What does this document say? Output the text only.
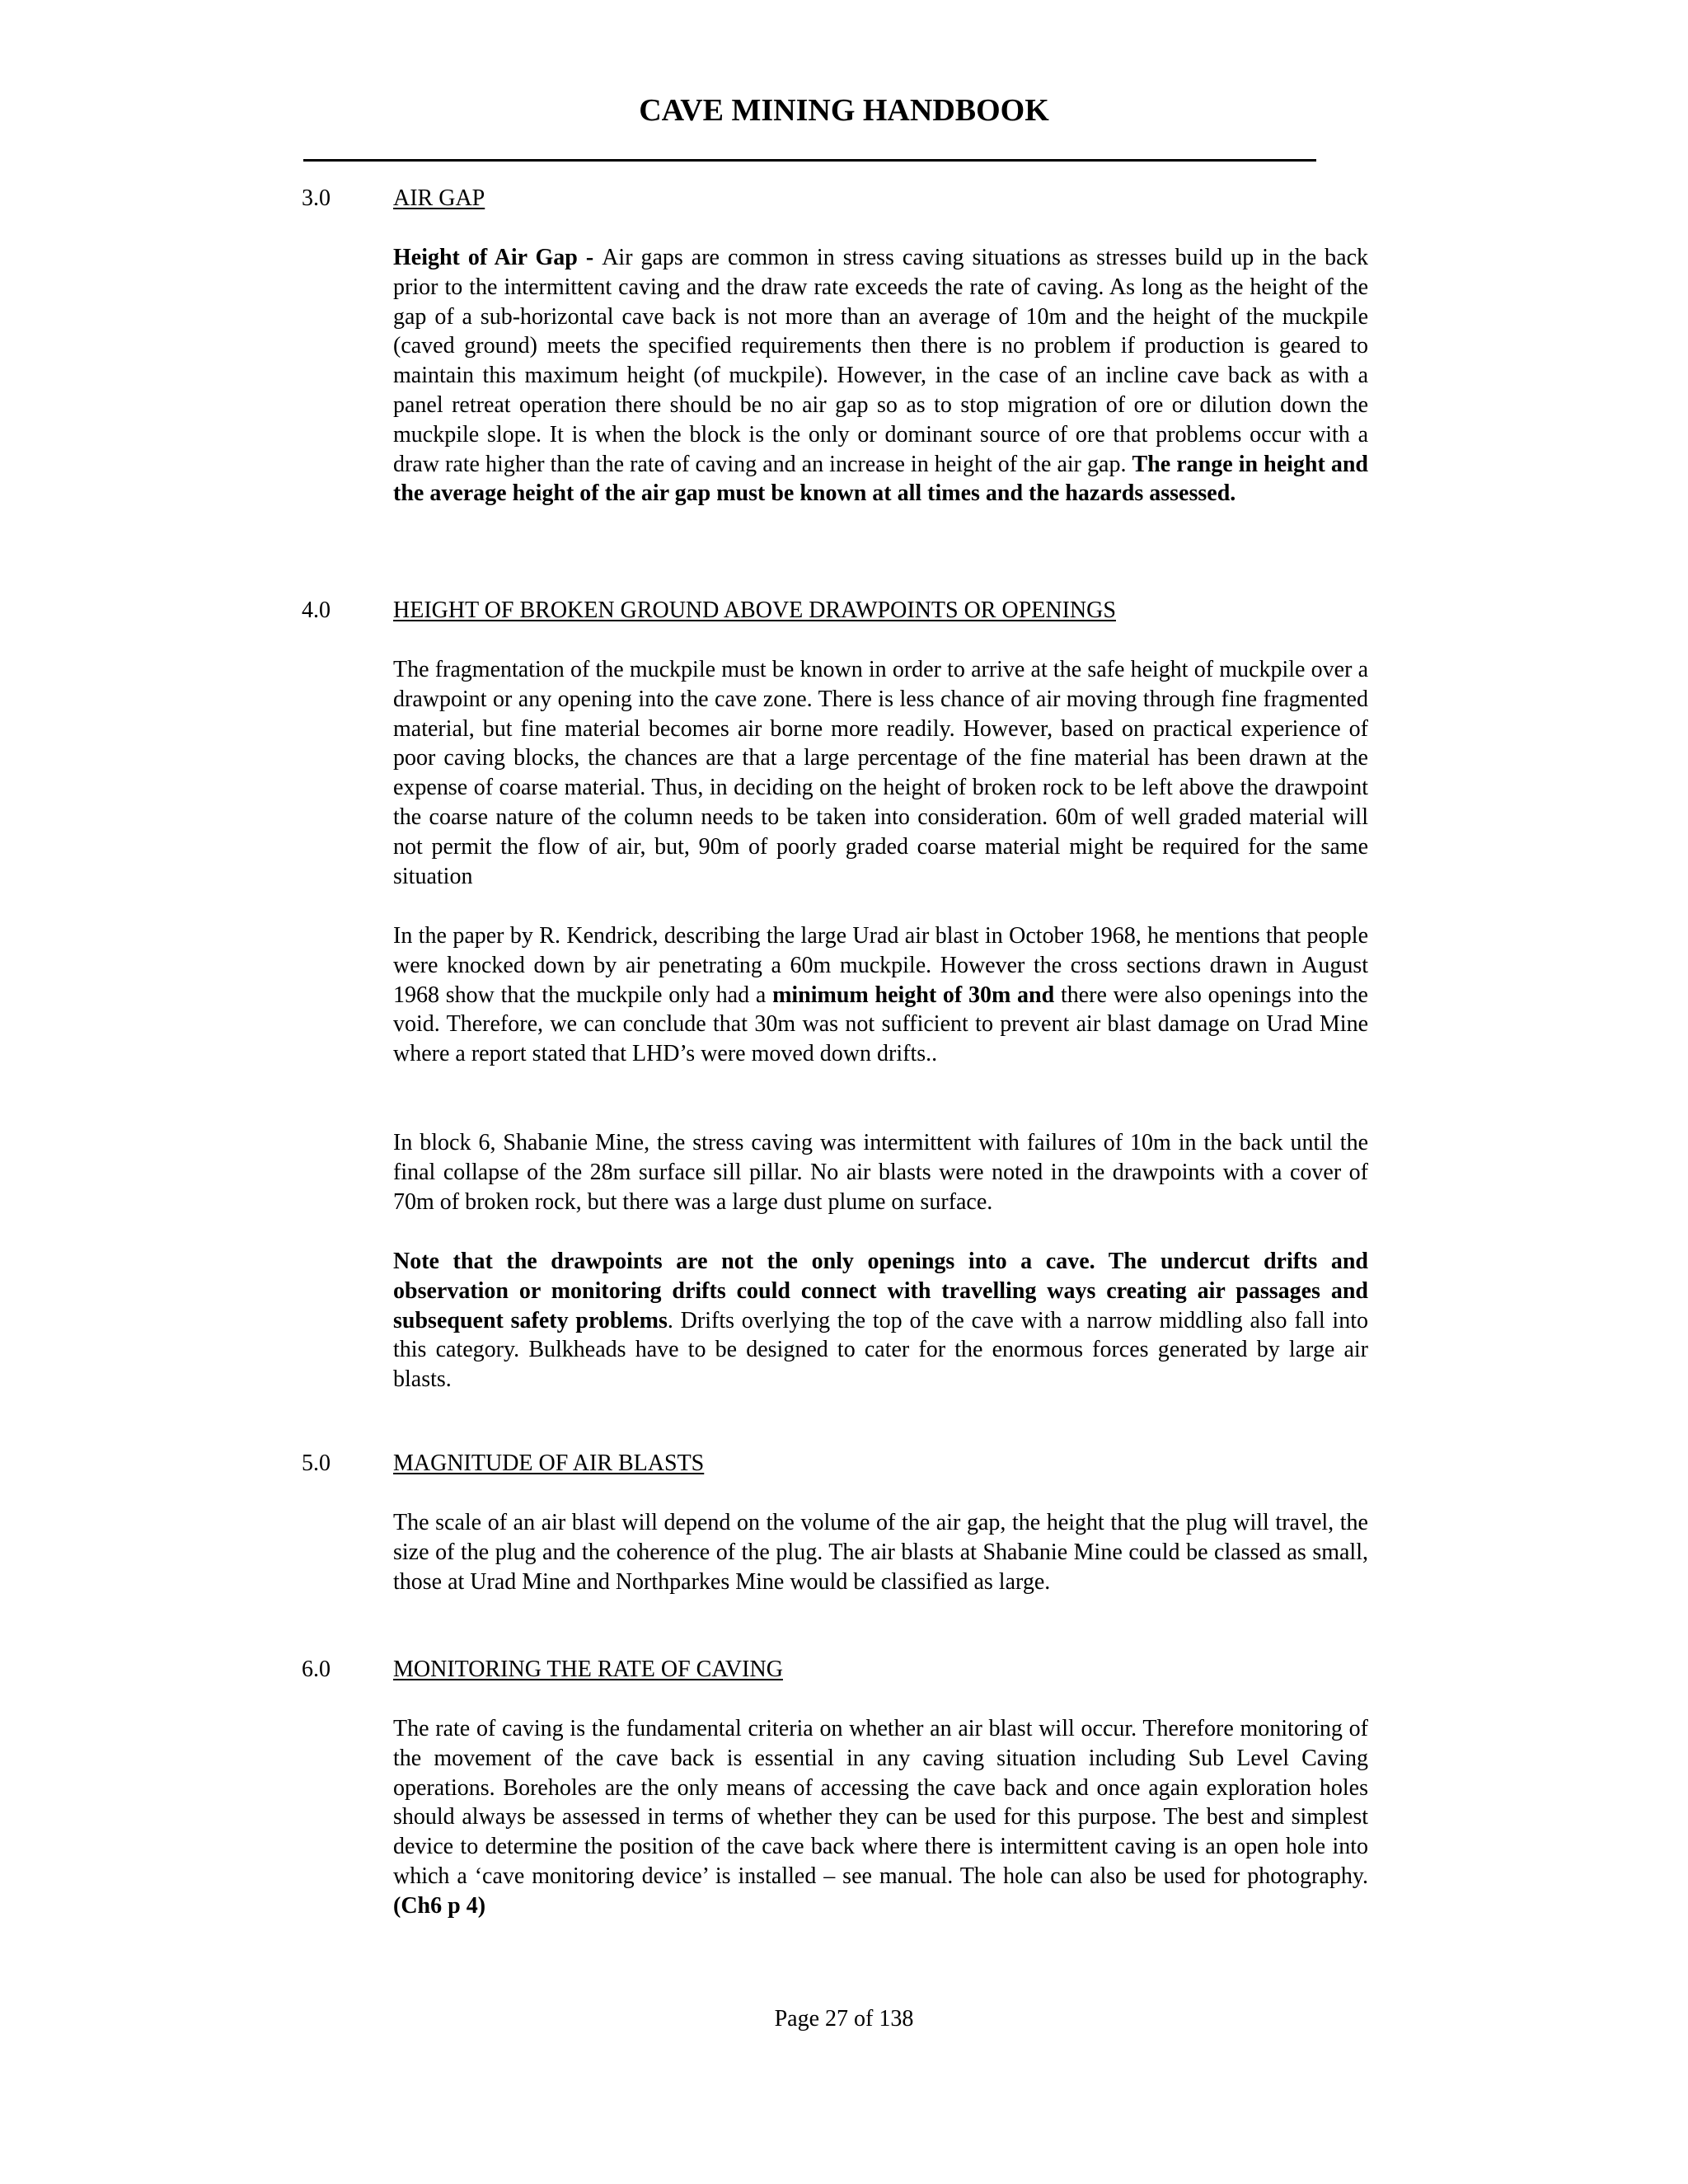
CAVE MINING HANDBOOK
3.0	AIR GAP

Height of Air Gap - Air gaps are common in stress caving situations as stresses build up in the back prior to the intermittent caving and the draw rate exceeds the rate of caving. As long as the height of the gap of a sub-horizontal cave back is not more than an average of 10m and the height of the muckpile (caved ground) meets the specified requirements then there is no problem if production is geared to maintain this maximum height (of muckpile). However, in the case of an incline cave back as with a panel retreat operation there should be no air gap so as to stop migration of ore or dilution down the muckpile slope. It is when the block is the only or dominant source of ore that problems occur with a draw rate higher than the rate of caving and an increase in height of the air gap. The range in height and the average height of the air gap must be known at all times and the hazards assessed.

4.0	HEIGHT OF BROKEN GROUND ABOVE DRAWPOINTS OR OPENINGS

The fragmentation of the muckpile must be known in order to arrive at the safe height of muckpile over a drawpoint or any opening into the cave zone. There is less chance of air moving through fine fragmented material, but fine material becomes air borne more readily. However, based on practical experience of poor caving blocks, the chances are that a large percentage of the fine material has been drawn at the expense of coarse material. Thus, in deciding on the height of broken rock to be left above the drawpoint the coarse nature of the column needs to be taken into consideration. 60m of well graded material will not permit the flow of air, but, 90m of poorly graded coarse material might be required for the same situation

In the paper by R. Kendrick, describing the large Urad air blast in October 1968, he mentions that people were knocked down by air penetrating a 60m muckpile. However the cross sections drawn in August 1968 show that the muckpile only had a minimum height of 30m and there were also openings into the void. Therefore, we can conclude that 30m was not sufficient to prevent air blast damage on Urad Mine where a report stated that LHD’s were moved down drifts..

In block 6, Shabanie Mine, the stress caving was intermittent with failures of 10m in the back until the final collapse of the 28m surface sill pillar. No air blasts were noted in the drawpoints with a cover of 70m of broken rock, but there was a large dust plume on surface.

Note that the drawpoints are not the only openings into a cave. The undercut drifts and observation or monitoring drifts could connect with travelling ways creating air passages and subsequent safety problems. Drifts overlying the top of the cave with a narrow middling also fall into this category. Bulkheads have to be designed to cater for the enormous forces generated by large air blasts.

5.0	MAGNITUDE OF AIR BLASTS

The scale of an air blast will depend on the volume of the air gap, the height that the plug will travel, the size of the plug and the coherence of the plug. The air blasts at Shabanie Mine could be classed as small, those at Urad Mine and Northparkes Mine would be classified as large.

6.0	MONITORING THE RATE OF CAVING

The rate of caving is the fundamental criteria on whether an air blast will occur. Therefore monitoring of the movement of the cave back is essential in any caving situation including Sub Level Caving operations. Boreholes are the only means of accessing the cave back and once again exploration holes should always be assessed in terms of whether they can be used for this purpose. The best and simplest device to determine the position of the cave back where there is intermittent caving is an open hole into which a ‘cave monitoring device’ is installed – see manual. The hole can also be used for photography. (Ch6 p 4)

Page 27 of 138
